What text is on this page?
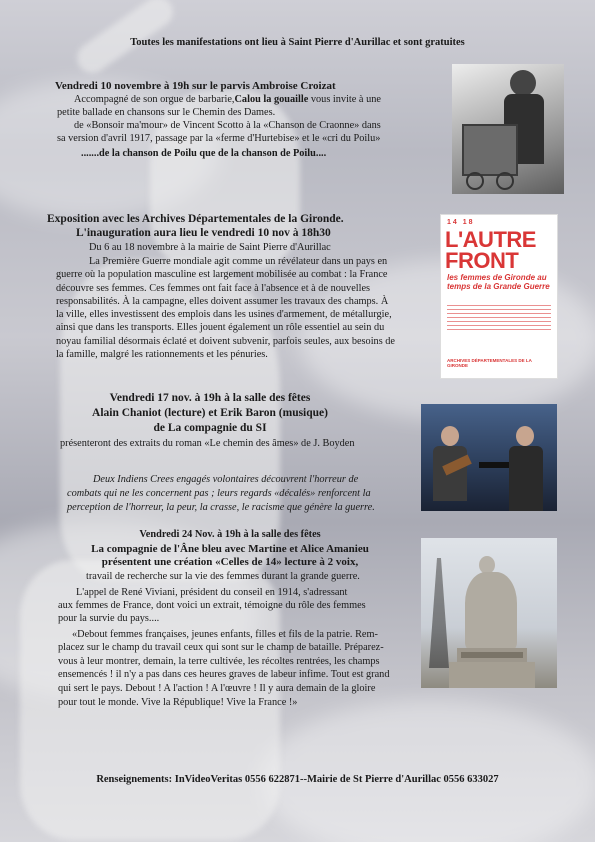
Toutes les manifestations ont lieu à Saint Pierre d'Aurillac et sont gratuites

Vendredi 10 novembre à 19h sur le parvis Ambroise Croizat

Accompagné de son orgue de barbarie,Calou la gouaille vous invite à une

petite ballade en chansons sur le Chemin des Dames.

de «Bonsoir ma'mour» de Vincent Scotto à la «Chanson de Craonne» dans

sa version d'avril 1917, passage par la «ferme d'Hurtebise» et le «cri du Poilu»

.......de la chanson de Poilu que de la chanson de Poilu....

Exposition avec les Archives Départementales de la Gironde.

L'inauguration aura lieu le vendredi 10 nov à 18h30

Du 6 au 18 novembre à la mairie de Saint Pierre d'Aurillac

La Première Guerre mondiale agit comme un révélateur dans un pays en

guerre où la population masculine est largement mobilisée au combat : la France

découvre ses femmes. Ces femmes ont fait face à l'absence et à de nouvelles

responsabilités. À la campagne, elles doivent assumer les travaux des champs. À

la ville, elles investissent des emplois dans les usines d'armement, de métallurgie,

ainsi que dans les transports. Elles jouent également un rôle essentiel au sein du

noyau familial désormais éclaté et doivent subvenir, parfois seules, aux besoins de

la famille, malgré les rationnements et les pénuries.

14 18
L'AUTRE
FRONT
les femmes de Gironde au temps de la Grande Guerre
ARCHIVES DÉPARTEMENTALES DE LA GIRONDE

Vendredi 17 nov. à 19h à la salle des fêtes

Alain Chaniot (lecture) et Erik Baron (musique)

de La compagnie du SI

présenteront des extraits du roman «Le chemin des âmes» de J. Boyden

Deux Indiens Crees engagés volontaires découvrent l'horreur de

combats qui ne les concernent pas ; leurs regards «décalés» renforcent la

perception de l'horreur, la peur, la crasse, le racisme que génère la guerre.

Vendredi 24 Nov. à 19h à la salle des fêtes

La compagnie de l'Âne bleu avec Martine et Alice Amanieu

présentent une création «Celles de 14» lecture à 2 voix,

travail de recherche sur la vie des femmes durant la grande guerre.

L'appel de René Viviani, président du conseil en 1914, s'adressant

aux femmes de France, dont voici un extrait, témoigne du rôle des femmes

pour la survie du pays....

«Debout femmes françaises, jeunes enfants, filles et fils de la patrie. Rem-

placez sur le champ du travail ceux qui sont sur le champ de bataille. Préparez-

vous à leur montrer, demain, la terre cultivée, les récoltes rentrées, les champs

ensemencés ! il n'y a pas dans ces heures graves de labeur infime. Tout est grand

qui sert le pays. Debout ! A l'action ! A l'œuvre ! Il y aura demain de la gloire

pour tout le monde. Vive la République! Vive la France !»

Renseignements: InVideoVeritas 0556 622871--Mairie de St Pierre d'Aurillac 0556 633027
